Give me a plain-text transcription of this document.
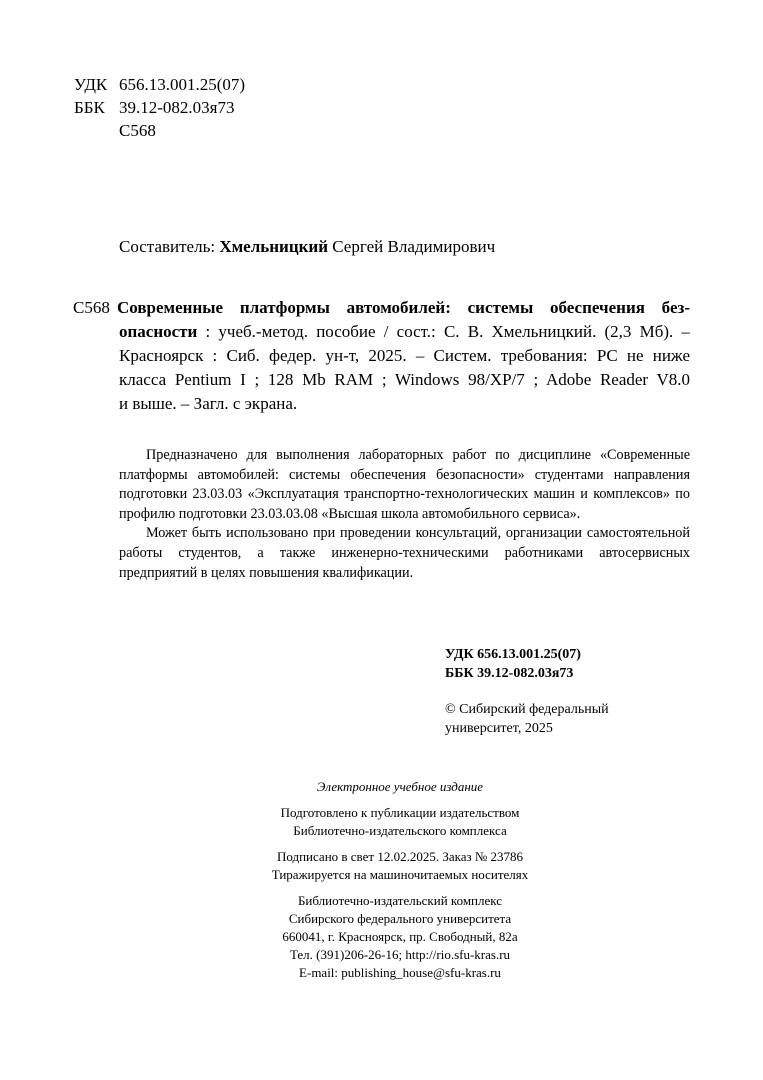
УДК 656.13.001.25(07)
ББК 39.12-082.03я73
С568
Составитель: Хмельницкий Сергей Владимирович
С568 Современные платформы автомобилей: системы обеспечения без-
опасности : учеб.-метод. пособие / сост.: С. В. Хмельницкий. (2,3 Мб). –
Красноярск : Сиб. федер. ун-т, 2025. – Систем. требования: PC не ниже
класса Pentium I ; 128 Mb RAM ; Windows 98/XP/7 ; Adobe Reader V8.0
и выше. – Загл. с экрана.

Предназначено для выполнения лабораторных работ по дисциплине «Современные платформы автомобилей: системы обеспечения безопасности» студентами направления подготовки 23.03.03 «Эксплуатация транспортно-технологических машин и комплексов» по профилю подготовки 23.03.03.08 «Высшая школа автомобильного сервиса».

Может быть использовано при проведении консультаций, организации самостоятельной работы студентов, а также инженерно-техническими работниками автосервисных предприятий в целях повышения квалификации.

УДК 656.13.001.25(07)
ББК 39.12-082.03я73
© Сибирский федеральный
университет, 2025
Электронное учебное издание
Подготовлено к публикации издательством
Библиотечно-издательского комплекса
Подписано в свет 12.02.2025. Заказ № 23786
Тиражируется на машиночитаемых носителях
Библиотечно-издательский комплекс
Сибирского федерального университета
660041, г. Красноярск, пр. Свободный, 82а
Тел. (391)206-26-16; http://rio.sfu-kras.ru
E-mail: publishing_house@sfu-kras.ru
